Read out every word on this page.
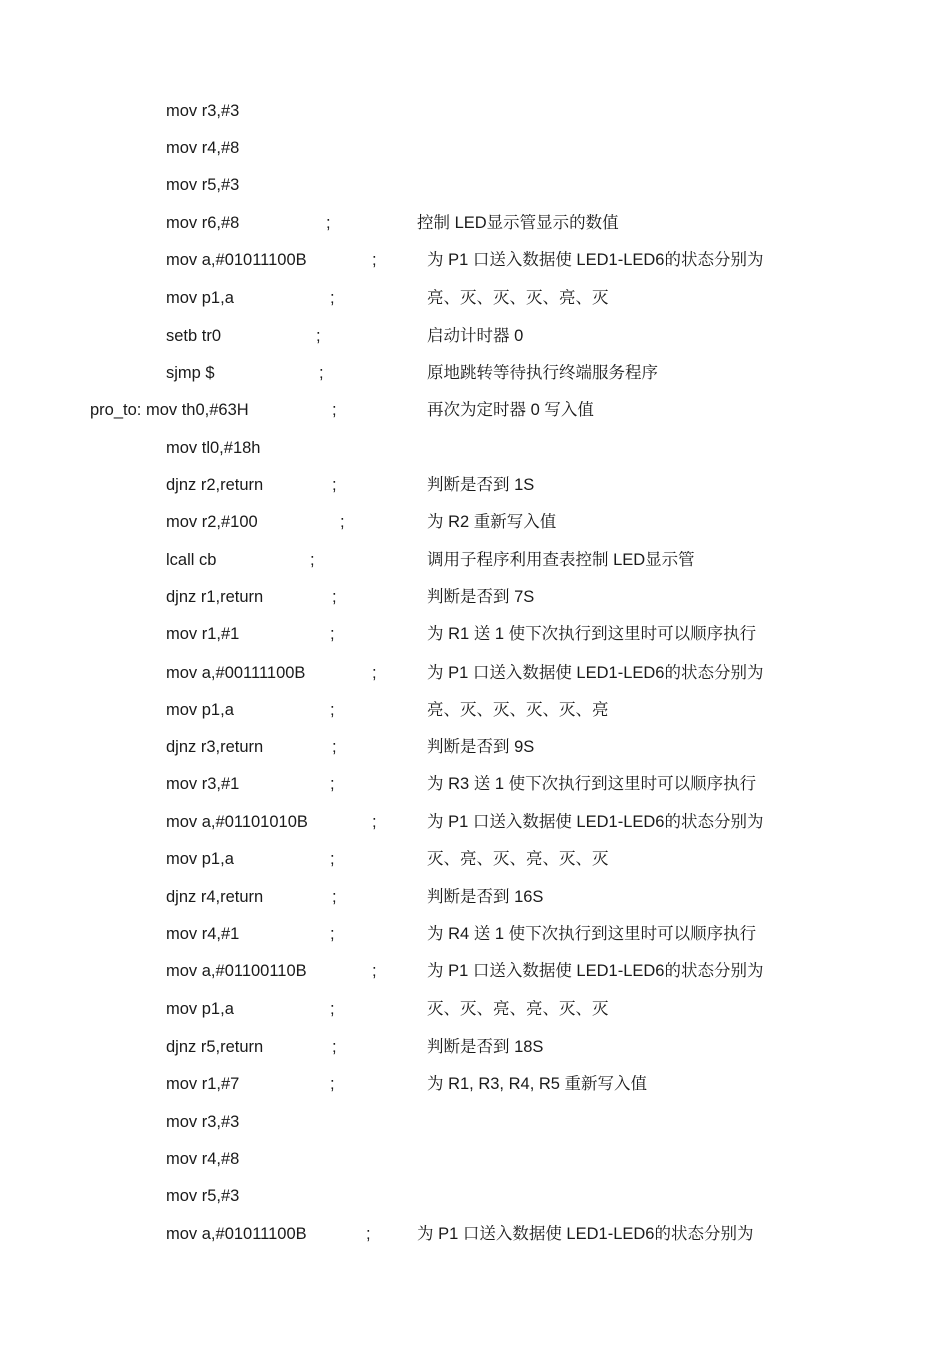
mov r3,#3
mov r4,#8
mov r5,#3
mov r6,#8	;	控制 LED显示管显示的数值
mov a,#01011100B	;	为 P1 口送入数据使 LED1-LED6的状态分别为
mov p1,a	;	亮、灭、灭、灭、亮、灭
setb tr0	;	启动计时器 0
sjmp $	;	原地跳转等待执行终端服务程序
pro_to: mov th0,#63H	;	再次为定时器 0 写入值
mov tl0,#18h
djnz r2,return	;	判断是否到 1S
mov r2,#100	;	为 R2 重新写入值
lcall cb	;	调用子程序利用查表控制 LED显示管
djnz r1,return	;	判断是否到 7S
mov r1,#1	;	为 R1 送 1 使下次执行到这里时可以顺序执行
mov a,#00111100B	;	为 P1 口送入数据使 LED1-LED6的状态分别为
mov p1,a	;	亮、灭、灭、灭、灭、亮
djnz r3,return	;	判断是否到 9S
mov r3,#1	;	为 R3 送 1 使下次执行到这里时可以顺序执行
mov a,#01101010B	;	为 P1 口送入数据使 LED1-LED6的状态分别为
mov p1,a	;	灭、亮、灭、亮、灭、灭
djnz r4,return	;	判断是否到 16S
mov r4,#1	;	为 R4 送 1 使下次执行到这里时可以顺序执行
mov a,#01100110B	;	为 P1 口送入数据使 LED1-LED6的状态分别为
mov p1,a	;	灭、灭、亮、亮、灭、灭
djnz r5,return	;	判断是否到 18S
mov r1,#7	;	为 R1, R3, R4, R5 重新写入值
mov r3,#3
mov r4,#8
mov r5,#3
mov a,#01011100B	;	为 P1 口送入数据使 LED1-LED6的状态分别为
